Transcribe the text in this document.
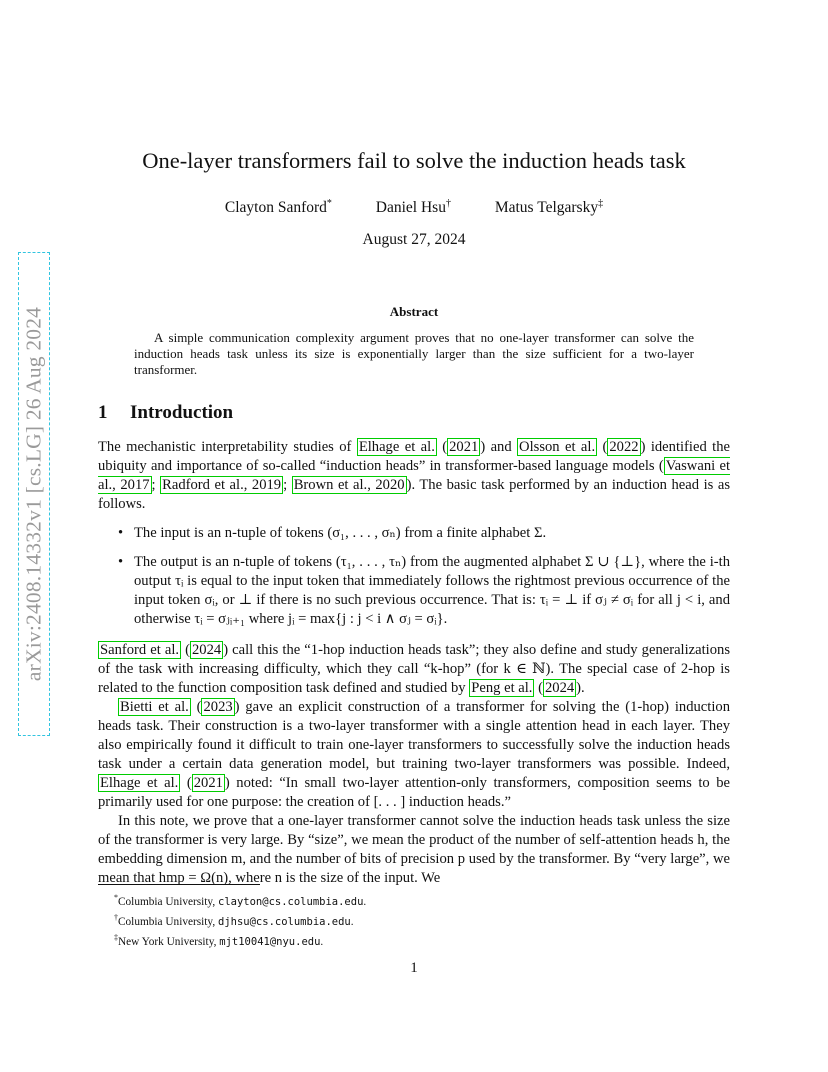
arXiv:2408.14332v1 [cs.LG] 26 Aug 2024
One-layer transformers fail to solve the induction heads task
Clayton Sanford*	Daniel Hsu†	Matus Telgarsky‡
August 27, 2024
Abstract

A simple communication complexity argument proves that no one-layer transformer can solve the induction heads task unless its size is exponentially larger than the size sufficient for a two-layer transformer.

1 Introduction

The mechanistic interpretability studies of Elhage et al. ( 2021 ) and Olsson et al. ( 2022 ) identified the ubiquity and importance of so-called “induction heads” in transformer-based language models ( Vaswani et al., 2017 ; Radford et al., 2019 ; Brown et al., 2020 ). The basic task performed by an induction head is as follows.

• The input is an n-tuple of tokens (σ₁, . . . , σₙ) from a finite alphabet Σ.
• The output is an n-tuple of tokens (τ₁, . . . , τₙ) from the augmented alphabet Σ ∪ {⊥}, where the i-th output τᵢ is equal to the input token that immediately follows the rightmost previous occurrence of the input token σᵢ, or ⊥ if there is no such previous occurrence. That is: τᵢ = ⊥ if σⱼ ≠ σᵢ for all j < i, and otherwise τᵢ = σⱼᵢ₊₁ where jᵢ = max{j : j < i ∧ σⱼ = σᵢ}.

Sanford et al. ( 2024 ) call this the “1-hop induction heads task”; they also define and study generalizations of the task with increasing difficulty, which they call “k-hop” (for k ∈ ℕ). The special case of 2-hop is related to the function composition task defined and studied by Peng et al. ( 2024 ).

Bietti et al. ( 2023 ) gave an explicit construction of a transformer for solving the (1-hop) induction heads task. Their construction is a two-layer transformer with a single attention head in each layer. They also empirically found it difficult to train one-layer transformers to successfully solve the induction heads task under a certain data generation model, but training two-layer transformers was possible. Indeed, Elhage et al. ( 2021 ) noted: “In small two-layer attention-only transformers, composition seems to be primarily used for one purpose: the creation of [. . . ] induction heads.”

In this note, we prove that a one-layer transformer cannot solve the induction heads task unless the size of the transformer is very large. By “size”, we mean the product of the number of self-attention heads h, the embedding dimension m, and the number of bits of precision p used by the transformer. By “very large”, we mean that hmp = Ω(n), where n is the size of the input. We

*Columbia University, clayton@cs.columbia.edu.
†Columbia University, djhsu@cs.columbia.edu.
‡New York University, mjt10041@nyu.edu.
1
